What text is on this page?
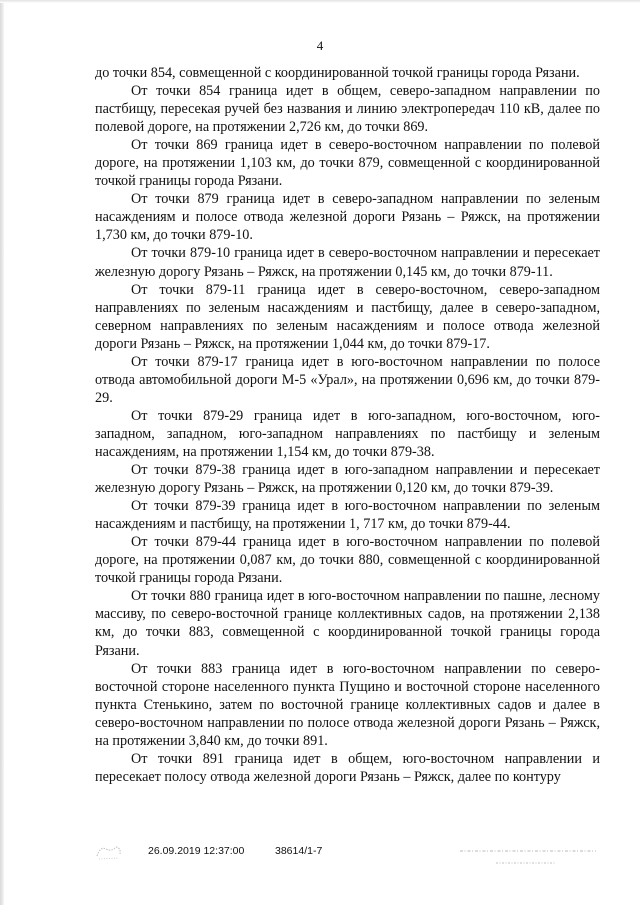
4

до точки 854, совмещенной с координированной точкой границы города Рязани.

От точки 854 граница идет в общем, северо-западном направлении по пастбищу, пересекая ручей без названия и линию электропередач 110 кВ, далее по полевой дороге, на протяжении 2,726 км, до точки 869.

От точки 869 граница идет в северо-восточном направлении по полевой дороге, на протяжении 1,103 км, до точки 879, совмещенной с координированной точкой границы города Рязани.

От точки 879 граница идет в северо-западном направлении по зеленым насаждениям и полосе отвода железной дороги Рязань – Ряжск, на протяжении 1,730 км, до точки 879-10.

От точки 879-10 граница идет в северо-восточном направлении и пересекает железную дорогу Рязань – Ряжск, на протяжении 0,145 км, до точки 879-11.

От точки 879-11 граница идет в северо-восточном, северо-западном направлениях по зеленым насаждениям и пастбищу, далее в северо-западном, северном направлениях по зеленым насаждениям и полосе отвода железной дороги Рязань – Ряжск, на протяжении 1,044 км, до точки 879-17.

От точки 879-17 граница идет в юго-восточном направлении по полосе отвода автомобильной дороги М-5 «Урал», на протяжении 0,696 км, до точки 879-29.

От точки 879-29 граница идет в юго-западном, юго-восточном, юго-западном, западном, юго-западном направлениях по пастбищу и зеленым насаждениям, на протяжении 1,154 км, до точки 879-38.

От точки 879-38 граница идет в юго-западном направлении и пересекает железную дорогу Рязань – Ряжск, на протяжении 0,120 км, до точки 879-39.

От точки 879-39 граница идет в юго-восточном направлении по зеленым насаждениям и пастбищу, на протяжении 1, 717 км, до точки 879-44.

От точки 879-44 граница идет в юго-восточном направлении по полевой дороге, на протяжении 0,087 км, до точки 880, совмещенной с координированной точкой границы города Рязани.

От точки 880 граница идет в юго-восточном направлении по пашне, лесному массиву, по северо-восточной границе коллективных садов, на протяжении 2,138 км, до точки 883, совмещенной с координированной точкой границы города Рязани.

От точки 883 граница идет в юго-восточном направлении по северо-восточной стороне населенного пункта Пущино и восточной стороне населенного пункта Стенькино, затем по восточной границе коллективных садов и далее в северо-восточном направлении по полосе отвода железной дороги Рязань – Ряжск, на протяжении 3,840 км, до точки 891.

От точки 891 граница идет в общем, юго-восточном направлении и пересекает полосу отвода железной дороги Рязань – Ряжск, далее по контуру

26.09.2019 12:37:00	38614/1-7
